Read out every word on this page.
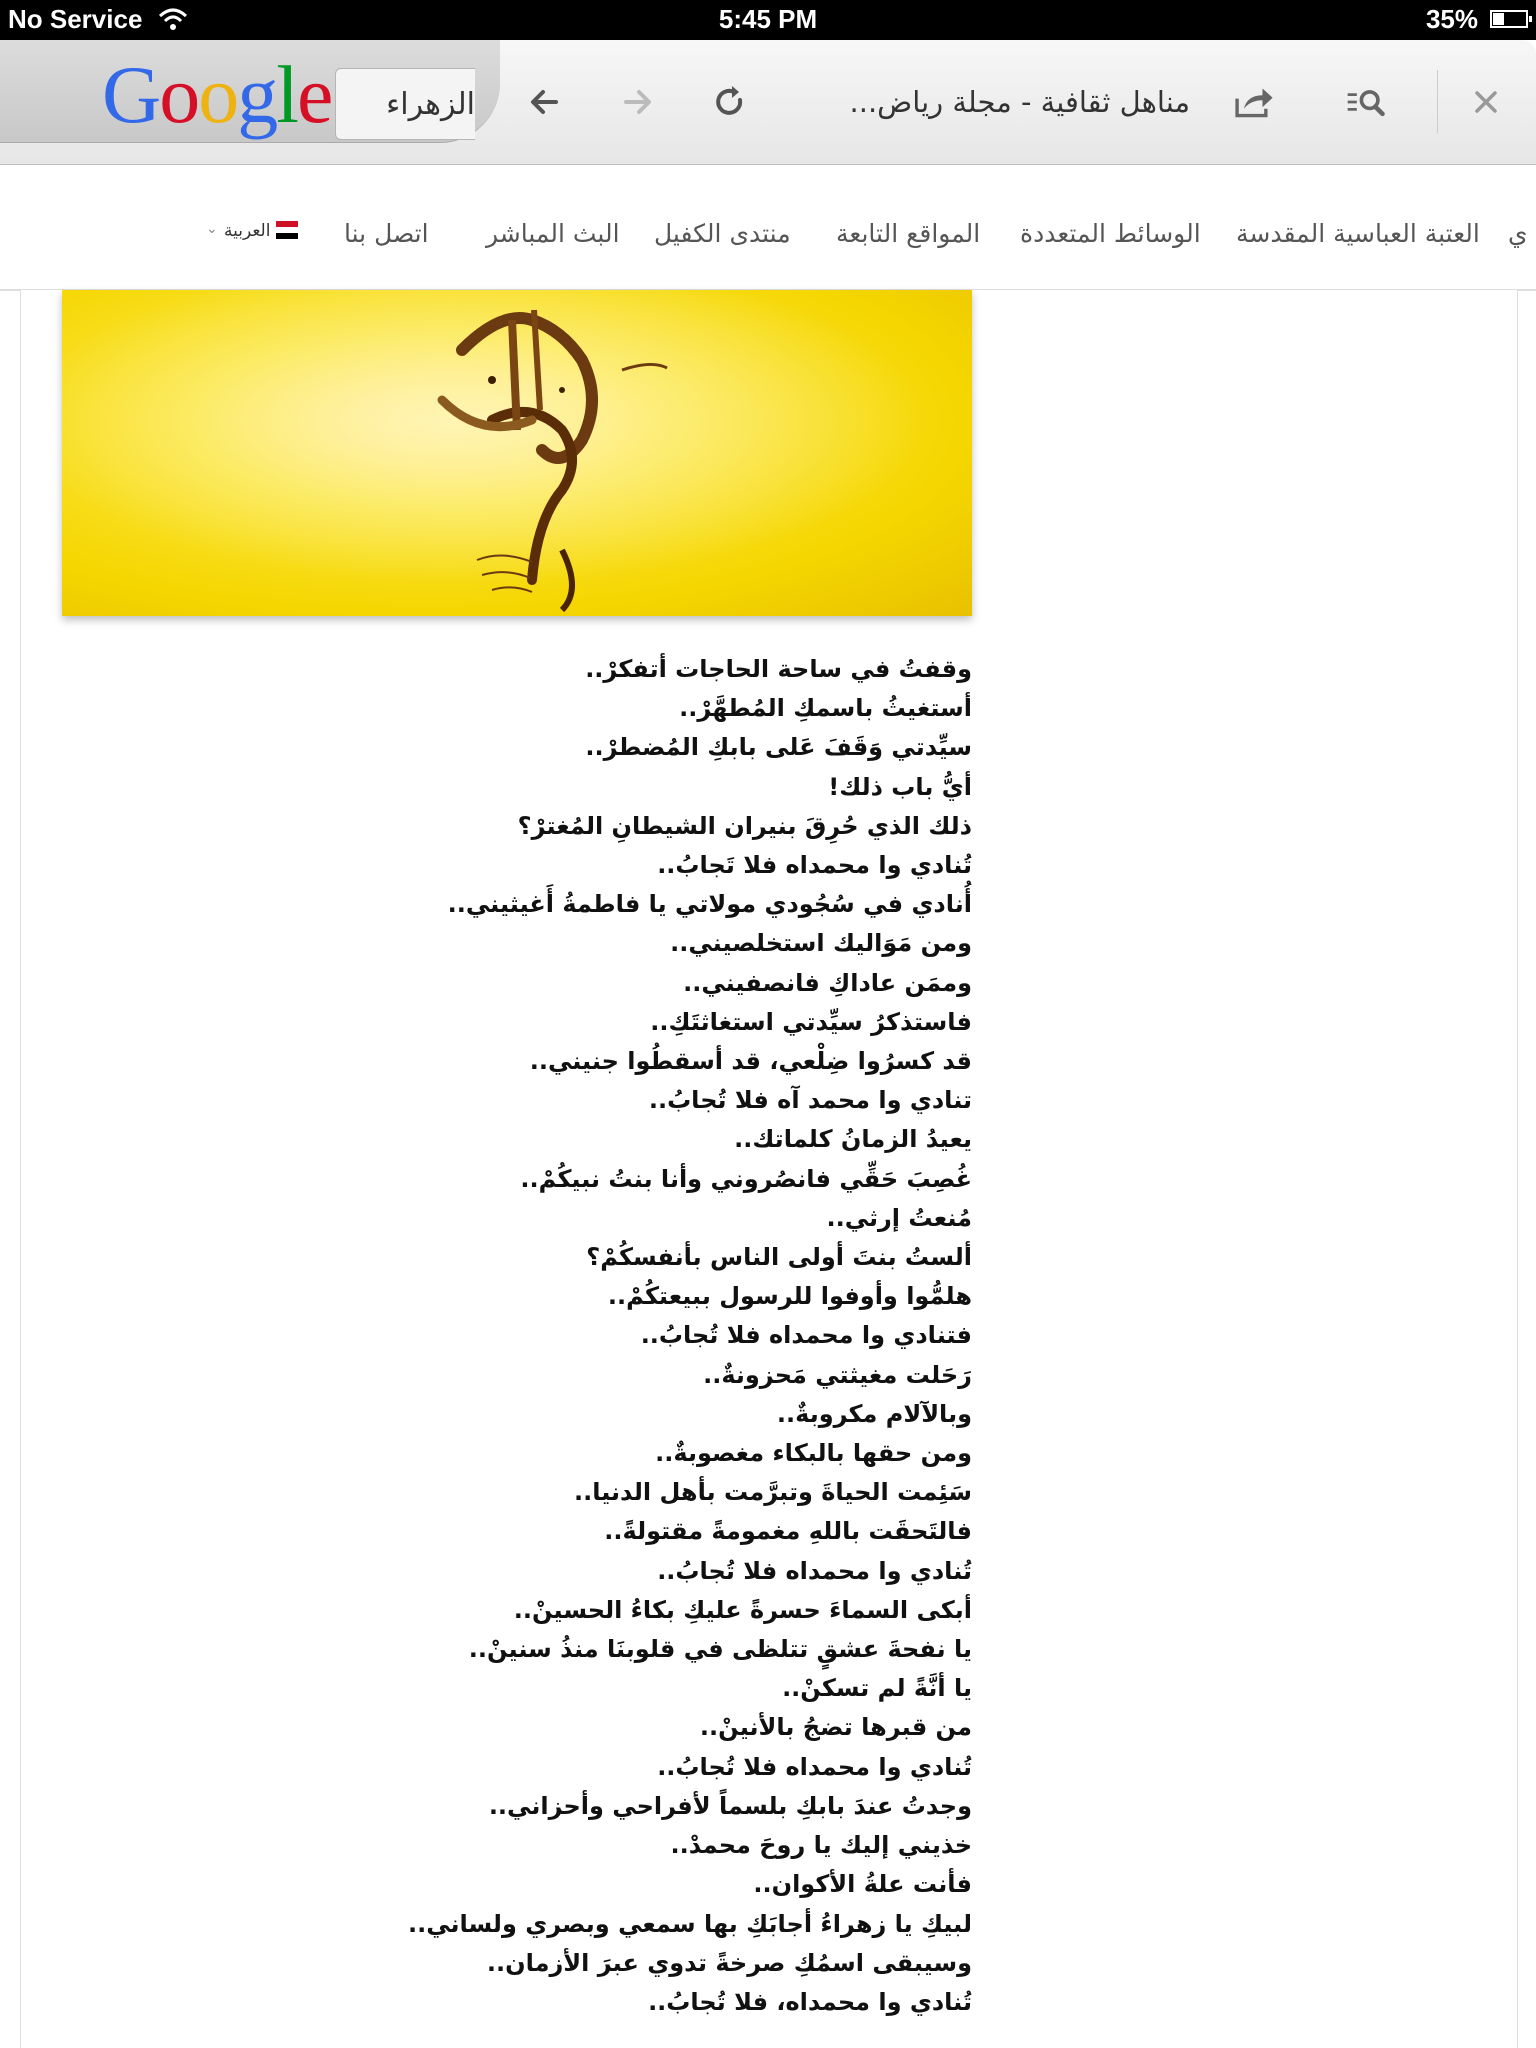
No Service	5:45 PM	35%
Google	الزهراء	مناهل ثقافية - مجلة رياض...
ي
العتبة العباسية المقدسة
الوسائط المتعددة
المواقع التابعة
منتدى الكفيل
البث المباشر
اتصل بنا
العربية
⌄
وقفتُ في ساحة الحاجات أتفكرْ..
أستغيثُ باسمكِ المُطهَّرْ..
سيِّدتي وَقَفَ عَلى بابكِ المُضطرْ..
أيُّ باب ذلك!
ذلك الذي حُرِقَ بنيران الشيطانِ المُغترْ؟
تُنادي وا محمداه فلا تَجابُ..
أُنادي في سُجُودي مولاتي يا فاطمةُ أَغيثيني..
ومن مَوَاليك استخلصيني..
وممَن عاداكِ فانصفيني..
فاستذكرُ سيِّدتي استغاثتَكِ..
قد كسرُوا ضِلْعي، قد أسقطُوا جنيني..
تنادي وا محمد آه فلا تُجابُ..
يعيدُ الزمانُ كلماتك..
غُصِبَ حَقِّي فانصُروني وأنا بنتُ نبيكُمْ..
مُنعتُ إرثي..
ألستُ بنتَ أولى الناس بأنفسكُمْ؟
هلمُّوا وأوفوا للرسول ببيعتكُمْ..
فتنادي وا محمداه فلا تُجابُ..
رَحَلت مغيثتي مَحزونةٌ..
وبالآلام مكروبةٌ..
ومن حقها بالبكاء مغصوبةٌ..
سَئِمت الحياةَ وتبرَّمت بأهل الدنيا..
فالتَحقَت باللهِ مغمومةً مقتولةً..
تُنادي وا محمداه فلا تُجابُ..
أبكى السماءَ حسرةً عليكِ بكاءُ الحسينْ..
يا نفحةَ عشقٍ تتلظى في قلوبنَا منذُ سنينْ..
يا أنَّةً لم تسكنْ..
من قبرها تضجُ بالأنينْ..
تُنادي وا محمداه فلا تُجابُ..
وجدتُ عندَ بابكِ بلسماً لأفراحي وأحزاني..
خذيني إليك يا روحَ محمدْ..
فأنت علةُ الأكوان..
لبيكِ يا زهراءُ أجابَكِ بها سمعي وبصري ولساني..
وسيبقى اسمُكِ صرخةً تدوي عبرَ الأزمان..
تُنادي وا محمداه، فلا تُجابُ..
